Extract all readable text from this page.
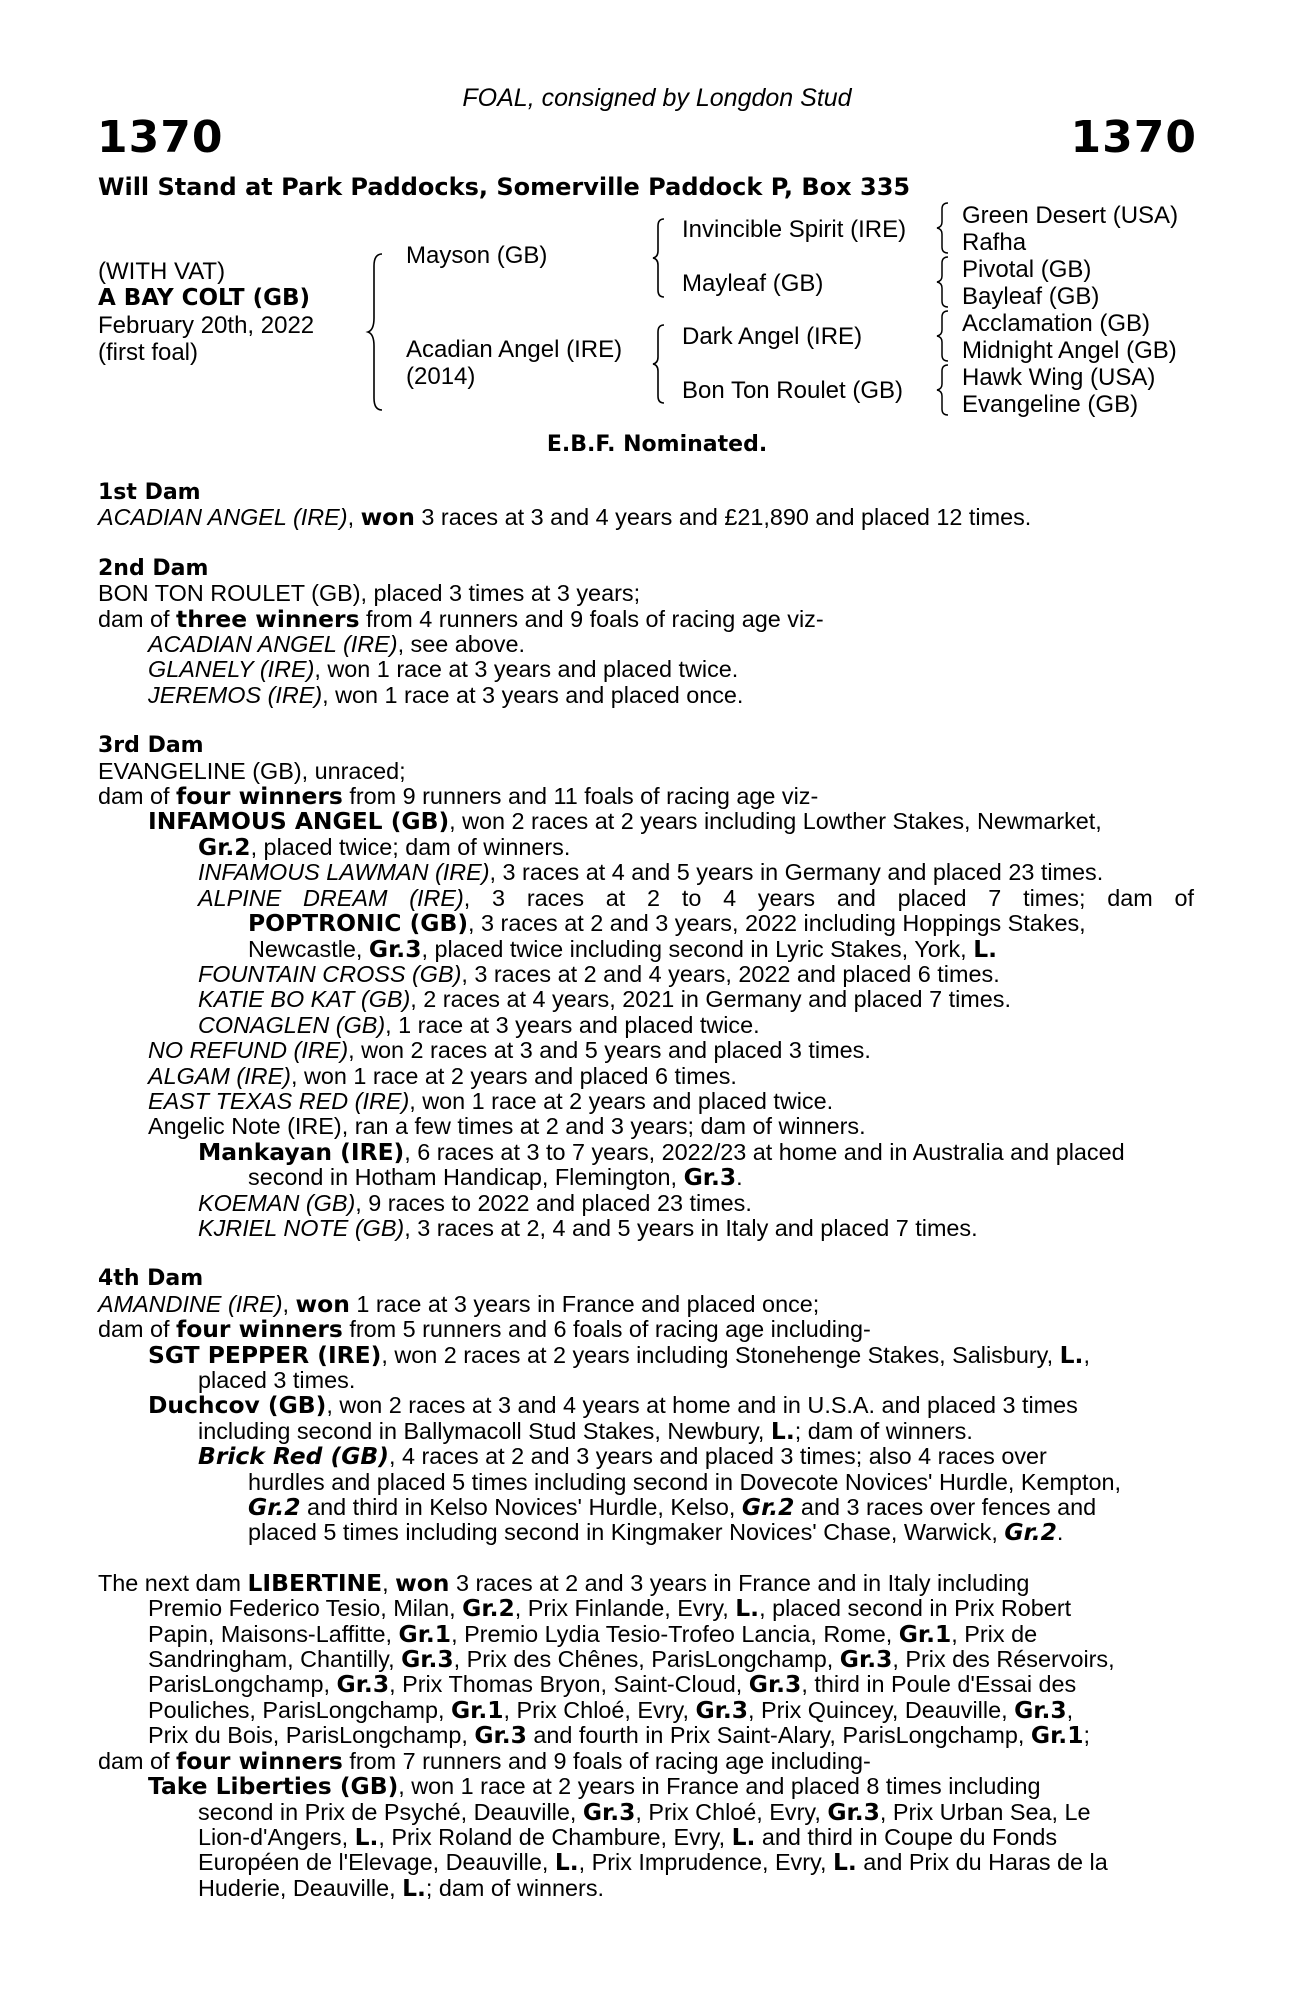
FOAL, consigned by Longdon Stud
1370	1370
Will Stand at Park Paddocks, Somerville Paddock P, Box 335
(WITH VAT)
A BAY COLT (GB)
February 20th, 2022
(first foal)
Mayson (GB)
Acadian Angel (IRE)
(2014)
Invincible Spirit (IRE)
Mayleaf (GB)
Dark Angel (IRE)
Bon Ton Roulet (GB)
Green Desert (USA)
Rafha
Pivotal (GB)
Bayleaf (GB)
Acclamation (GB)
Midnight Angel (GB)
Hawk Wing (USA)
Evangeline (GB)
E.B.F. Nominated.
1st Dam
ACADIAN ANGEL (IRE), won 3 races at 3 and 4 years and £21,890 and placed 12 times.
2nd Dam
BON TON ROULET (GB), placed 3 times at 3 years;
dam of three winners from 4 runners and 9 foals of racing age viz-
ACADIAN ANGEL (IRE), see above.
GLANELY (IRE), won 1 race at 3 years and placed twice.
JEREMOS (IRE), won 1 race at 3 years and placed once.
3rd Dam
EVANGELINE (GB), unraced;
dam of four winners from 9 runners and 11 foals of racing age viz-
INFAMOUS ANGEL (GB), won 2 races at 2 years including Lowther Stakes, Newmarket,
Gr.2, placed twice; dam of winners.
INFAMOUS LAWMAN (IRE), 3 races at 4 and 5 years in Germany and placed 23 times.
ALPINE DREAM (IRE), 3 races at 2 to 4 years and placed 7 times; dam of
POPTRONIC (GB), 3 races at 2 and 3 years, 2022 including Hoppings Stakes,
Newcastle, Gr.3, placed twice including second in Lyric Stakes, York, L.
FOUNTAIN CROSS (GB), 3 races at 2 and 4 years, 2022 and placed 6 times.
KATIE BO KAT (GB), 2 races at 4 years, 2021 in Germany and placed 7 times.
CONAGLEN (GB), 1 race at 3 years and placed twice.
NO REFUND (IRE), won 2 races at 3 and 5 years and placed 3 times.
ALGAM (IRE), won 1 race at 2 years and placed 6 times.
EAST TEXAS RED (IRE), won 1 race at 2 years and placed twice.
Angelic Note (IRE), ran a few times at 2 and 3 years; dam of winners.
Mankayan (IRE), 6 races at 3 to 7 years, 2022/23 at home and in Australia and placed
second in Hotham Handicap, Flemington, Gr.3.
KOEMAN (GB), 9 races to 2022 and placed 23 times.
KJRIEL NOTE (GB), 3 races at 2, 4 and 5 years in Italy and placed 7 times.
4th Dam
AMANDINE (IRE), won 1 race at 3 years in France and placed once;
dam of four winners from 5 runners and 6 foals of racing age including-
SGT PEPPER (IRE), won 2 races at 2 years including Stonehenge Stakes, Salisbury, L.,
placed 3 times.
Duchcov (GB), won 2 races at 3 and 4 years at home and in U.S.A. and placed 3 times
including second in Ballymacoll Stud Stakes, Newbury, L.; dam of winners.
Brick Red (GB), 4 races at 2 and 3 years and placed 3 times; also 4 races over
hurdles and placed 5 times including second in Dovecote Novices' Hurdle, Kempton,
Gr.2 and third in Kelso Novices' Hurdle, Kelso, Gr.2 and 3 races over fences and
placed 5 times including second in Kingmaker Novices' Chase, Warwick, Gr.2.
The next dam LIBERTINE, won 3 races at 2 and 3 years in France and in Italy including
Premio Federico Tesio, Milan, Gr.2, Prix Finlande, Evry, L., placed second in Prix Robert
Papin, Maisons-Laffitte, Gr.1, Premio Lydia Tesio-Trofeo Lancia, Rome, Gr.1, Prix de
Sandringham, Chantilly, Gr.3, Prix des Chênes, ParisLongchamp, Gr.3, Prix des Réservoirs,
ParisLongchamp, Gr.3, Prix Thomas Bryon, Saint-Cloud, Gr.3, third in Poule d'Essai des
Pouliches, ParisLongchamp, Gr.1, Prix Chloé, Evry, Gr.3, Prix Quincey, Deauville, Gr.3,
Prix du Bois, ParisLongchamp, Gr.3 and fourth in Prix Saint-Alary, ParisLongchamp, Gr.1;
dam of four winners from 7 runners and 9 foals of racing age including-
Take Liberties (GB), won 1 race at 2 years in France and placed 8 times including
second in Prix de Psyché, Deauville, Gr.3, Prix Chloé, Evry, Gr.3, Prix Urban Sea, Le
Lion-d'Angers, L., Prix Roland de Chambure, Evry, L. and third in Coupe du Fonds
Européen de l'Elevage, Deauville, L., Prix Imprudence, Evry, L. and Prix du Haras de la
Huderie, Deauville, L.; dam of winners.
